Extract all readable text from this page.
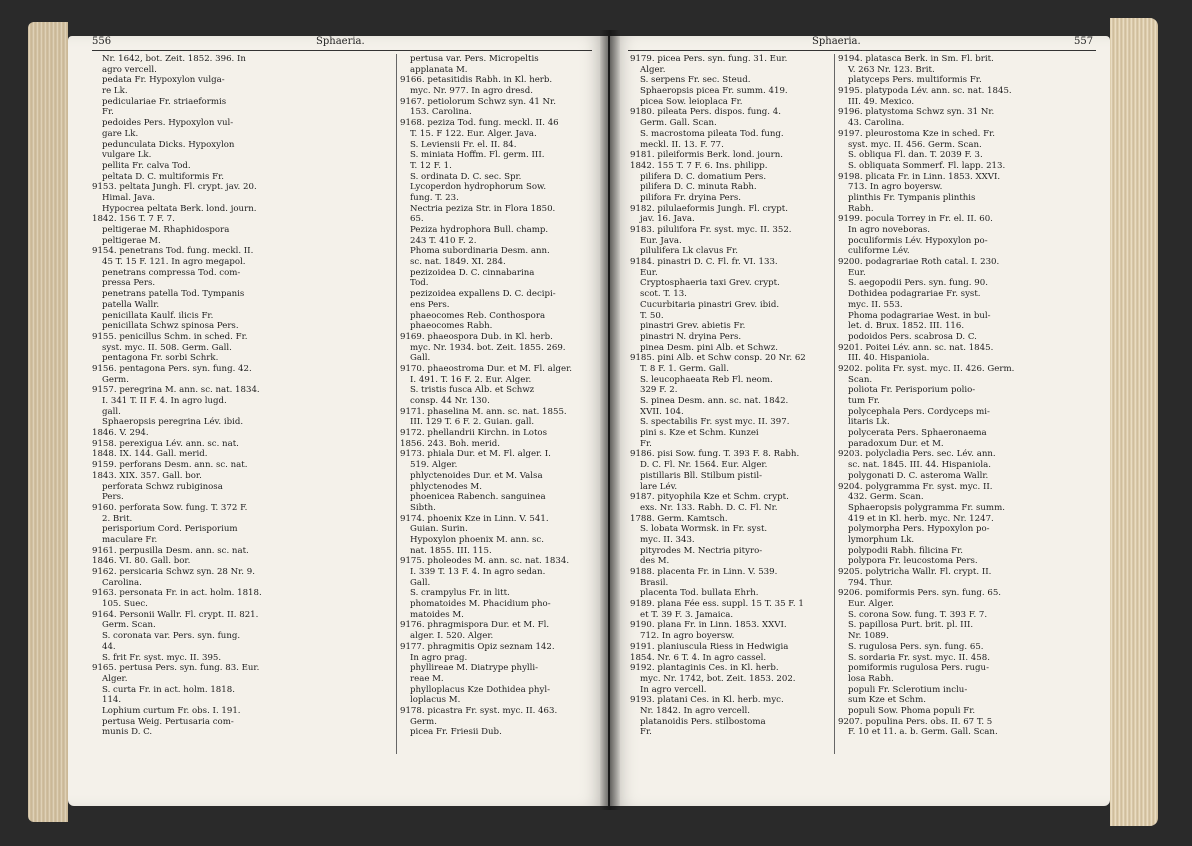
556	Sphaeria.	Sphaeria.	557
Nr. 1642, bot. Zeit. 1852. 396. In
agro vercell.
pedata Fr. Hypoxylon vulga-
re Lk.
pediculariae Fr. striaeformis
Fr.
pedoides Pers. Hypoxylon vul-
gare Lk.
pedunculata Dicks. Hypoxylon
vulgare Lk.
pellita Fr. calva Tod.
peltata D. C. multiformis Fr.
9153. peltata Jungh. Fl. crypt. jav. 20.
Himal. Java.
Hypocrea peltata Berk. lond. journ.
1842. 156 T. 7 F. 7.
peltigerae M. Rhaphidospora
peltigerae M.
9154. penetrans Tod. fung. meckl. II.
45 T. 15 F. 121. In agro megapol.
penetrans compressa Tod. com-
pressa Pers.
penetrans patella Tod. Tympanis
patella Wallr.
penicillata Kaulf. ilicis Fr.
penicillata Schwz spinosa Pers.
9155. penicillus Schm. in sched. Fr.
syst. myc. II. 508. Germ. Gall.
pentagona Fr. sorbi Schrk.
9156. pentagona Pers. syn. fung. 42.
Germ.
9157. peregrina M. ann. sc. nat. 1834.
I. 341 T. II F. 4. In agro lugd.
gall.
Sphaeropsis peregrina Lév. ibid.
1846. V. 294.
9158. perexigua Lév. ann. sc. nat.
1848. IX. 144. Gall. merid.
9159. perforans Desm. ann. sc. nat.
1843. XIX. 357. Gall. bor.
perforata Schwz rubiginosa
Pers.
9160. perforata Sow. fung. T. 372 F.
2. Brit.
perisporium Cord. Perisporium
maculare Fr.
9161. perpusilla Desm. ann. sc. nat.
1846. VI. 80. Gall. bor.
9162. persicaria Schwz syn. 28 Nr. 9.
Carolina.
9163. personata Fr. in act. holm. 1818.
105. Suec.
9164. Personii Wallr. Fl. crypt. II. 821.
Germ. Scan.
S. coronata var. Pers. syn. fung.
44.
S. frit Fr. syst. myc. II. 395.
9165. pertusa Pers. syn. fung. 83. Eur.
Alger.
S. curta Fr. in act. holm. 1818.
114.
Lophium curtum Fr. obs. I. 191.
pertusa Weig. Pertusaria com-
munis D. C.
pertusa var. Pers. Micropeltis
applanata M.
9166. petasitidis Rabh. in Kl. herb.
myc. Nr. 977. In agro dresd.
9167. petiolorum Schwz syn. 41 Nr.
153. Carolina.
9168. peziza Tod. fung. meckl. II. 46
T. 15. F 122. Eur. Alger. Java.
S. Leviensii Fr. el. II. 84.
S. miniata Hoffm. Fl. germ. III.
T. 12 F. 1.
S. ordinata D. C. sec. Spr.
Lycoperdon hydrophorum Sow.
fung. T. 23.
Nectria peziza Str. in Flora 1850.
65.
Peziza hydrophora Bull. champ.
243 T. 410 F. 2.
Phoma subordinaria Desm. ann.
sc. nat. 1849. XI. 284.
pezizoidea D. C. cinnabarina
Tod.
pezizoidea expallens D. C. decipi-
ens Pers.
phaeocomes Reb. Conthospora
phaeocomes Rabh.
9169. phaeospora Dub. in Kl. herb.
myc. Nr. 1934. bot. Zeit. 1855. 269.
Gall.
9170. phaeostroma Dur. et M. Fl. alger.
I. 491. T. 16 F. 2. Eur. Alger.
S. tristis fusca Alb. et Schwz
consp. 44 Nr. 130.
9171. phaselina M. ann. sc. nat. 1855.
III. 129 T. 6 F. 2. Guian. gall.
9172. phellandrii Kirchn. in Lotos
1856. 243. Boh. merid.
9173. phiala Dur. et M. Fl. alger. I.
519. Alger.
phlyctenoides Dur. et M. Valsa
phlyctenodes M.
phoenicea Rabench. sanguinea
Sibth.
9174. phoenix Kze in Linn. V. 541.
Guian. Surin.
Hypoxylon phoenix M. ann. sc.
nat. 1855. III. 115.
9175. pholeodes M. ann. sc. nat. 1834.
I. 339 T. 13 F. 4. In agro sedan.
Gall.
S. crampylus Fr. in litt.
phomatoides M. Phacidium pho-
matoides M.
9176. phragmispora Dur. et M. Fl.
alger. I. 520. Alger.
9177. phragmitis Opiz seznam 142.
In agro prag.
phyllireae M. Diatrype phylli-
reae M.
phylloplacus Kze Dothidea phyl-
loplacus M.
9178. picastra Fr. syst. myc. II. 463.
Germ.
picea Fr. Friesii Dub.
9179. picea Pers. syn. fung. 31. Eur.
Alger.
S. serpens Fr. sec. Steud.
Sphaeropsis picea Fr. summ. 419.
picea Sow. leioplaca Fr.
9180. pileata Pers. dispos. fung. 4.
Germ. Gall. Scan.
S. macrostoma pileata Tod. fung.
meckl. II. 13. F. 77.
9181. pileiformis Berk. lond. journ.
1842. 155 T. 7 F. 6. Ins. philipp.
pilifera D. C. domatium Pers.
pilifera D. C. minuta Rabh.
pilifora Fr. dryina Pers.
9182. pilulaeformis Jungh. Fl. crypt.
jav. 16. Java.
9183. pilulifora Fr. syst. myc. II. 352.
Eur. Java.
pilulifera Lk clavus Fr.
9184. pinastri D. C. Fl. fr. VI. 133.
Eur.
Cryptosphaeria taxi Grev. crypt.
scot. T. 13.
Cucurbitaria pinastri Grev. ibid.
T. 50.
pinastri Grev. abietis Fr.
pinastri N. dryina Pers.
pinea Desm. pini Alb. et Schwz.
9185. pini Alb. et Schw consp. 20 Nr. 62
T. 8 F. 1. Germ. Gall.
S. leucophaeata Reb Fl. neom.
329 F. 2.
S. pinea Desm. ann. sc. nat. 1842.
XVII. 104.
S. spectabilis Fr. syst myc. II. 397.
pini s. Kze et Schm. Kunzei
Fr.
9186. pisi Sow. fung. T. 393 F. 8. Rabh.
D. C. Fl. Nr. 1564. Eur. Alger.
pistillaris Bll. Stilbum pistil-
lare Lév.
9187. pityophila Kze et Schm. crypt.
exs. Nr. 133. Rabh. D. C. Fl. Nr.
1788. Germ. Kamtsch.
S. lobata Wormsk. in Fr. syst.
myc. II. 343.
pityrodes M. Nectria pityro-
des M.
9188. placenta Fr. in Linn. V. 539.
Brasil.
placenta Tod. bullata Ehrh.
9189. plana Fée ess. suppl. 15 T. 35 F. 1
et T. 39 F. 3. Jamaica.
9190. plana Fr. in Linn. 1853. XXVI.
712. In agro boyersw.
9191. planiuscula Riess in Hedwigia
1854. Nr. 6 T. 4. In agro cassel.
9192. plantaginis Ces. in Kl. herb.
myc. Nr. 1742, bot. Zeit. 1853. 202.
In agro vercell.
9193. platani Ces. in Kl. herb. myc.
Nr. 1842. In agro vercell.
platanoidis Pers. stilbostoma
Fr.
9194. platasca Berk. in Sm. Fl. brit.
V. 263 Nr. 123. Brit.
platyceps Pers. multiformis Fr.
9195. platypoda Lév. ann. sc. nat. 1845.
III. 49. Mexico.
9196. platystoma Schwz syn. 31 Nr.
43. Carolina.
9197. pleurostoma Kze in sched. Fr.
syst. myc. II. 456. Germ. Scan.
S. obliqua Fl. dan. T. 2039 F. 3.
S. obliquata Sommerf. Fl. lapp. 213.
9198. plicata Fr. in Linn. 1853. XXVI.
713. In agro boyersw.
plinthis Fr. Tympanis plinthis
Rabh.
9199. pocula Torrey in Fr. el. II. 60.
In agro noveboras.
poculiformis Lév. Hypoxylon po-
culiforme Lév.
9200. podagrariae Roth catal. I. 230.
Eur.
S. aegopodii Pers. syn. fung. 90.
Dothidea podagrariae Fr. syst.
myc. II. 553.
Phoma podagrariae West. in bul-
let. d. Brux. 1852. III. 116.
podoidos Pers. scabrosa D. C.
9201. Poitei Lév. ann. sc. nat. 1845.
III. 40. Hispaniola.
9202. polita Fr. syst. myc. II. 426. Germ.
Scan.
poliota Fr. Perisporium polio-
tum Fr.
polycephala Pers. Cordyceps mi-
litaris Lk.
polycerata Pers. Sphaeronaema
paradoxum Dur. et M.
9203. polycladia Pers. sec. Lév. ann.
sc. nat. 1845. III. 44. Hispaniola.
polygonati D. C. asteroma Wallr.
9204. polygramma Fr. syst. myc. II.
432. Germ. Scan.
Sphaeropsis polygramma Fr. summ.
419 et in Kl. herb. myc. Nr. 1247.
polymorpha Pers. Hypoxylon po-
lymorphum Lk.
polypodii Rabh. filicina Fr.
polypora Fr. leucostoma Pers.
9205. polytricha Wallr. Fl. crypt. II.
794. Thur.
9206. pomiformis Pers. syn. fung. 65.
Eur. Alger.
S. corona Sow. fung. T. 393 F. 7.
S. papillosa Purt. brit. pl. III.
Nr. 1089.
S. rugulosa Pers. syn. fung. 65.
S. sordaria Fr. syst. myc. II. 458.
pomiformis rugulosa Pers. rugu-
losa Rabh.
populi Fr. Sclerotium inclu-
sum Kze et Schm.
populi Sow. Phoma populi Fr.
9207. populina Pers. obs. II. 67 T. 5
F. 10 et 11. a. b. Germ. Gall. Scan.
